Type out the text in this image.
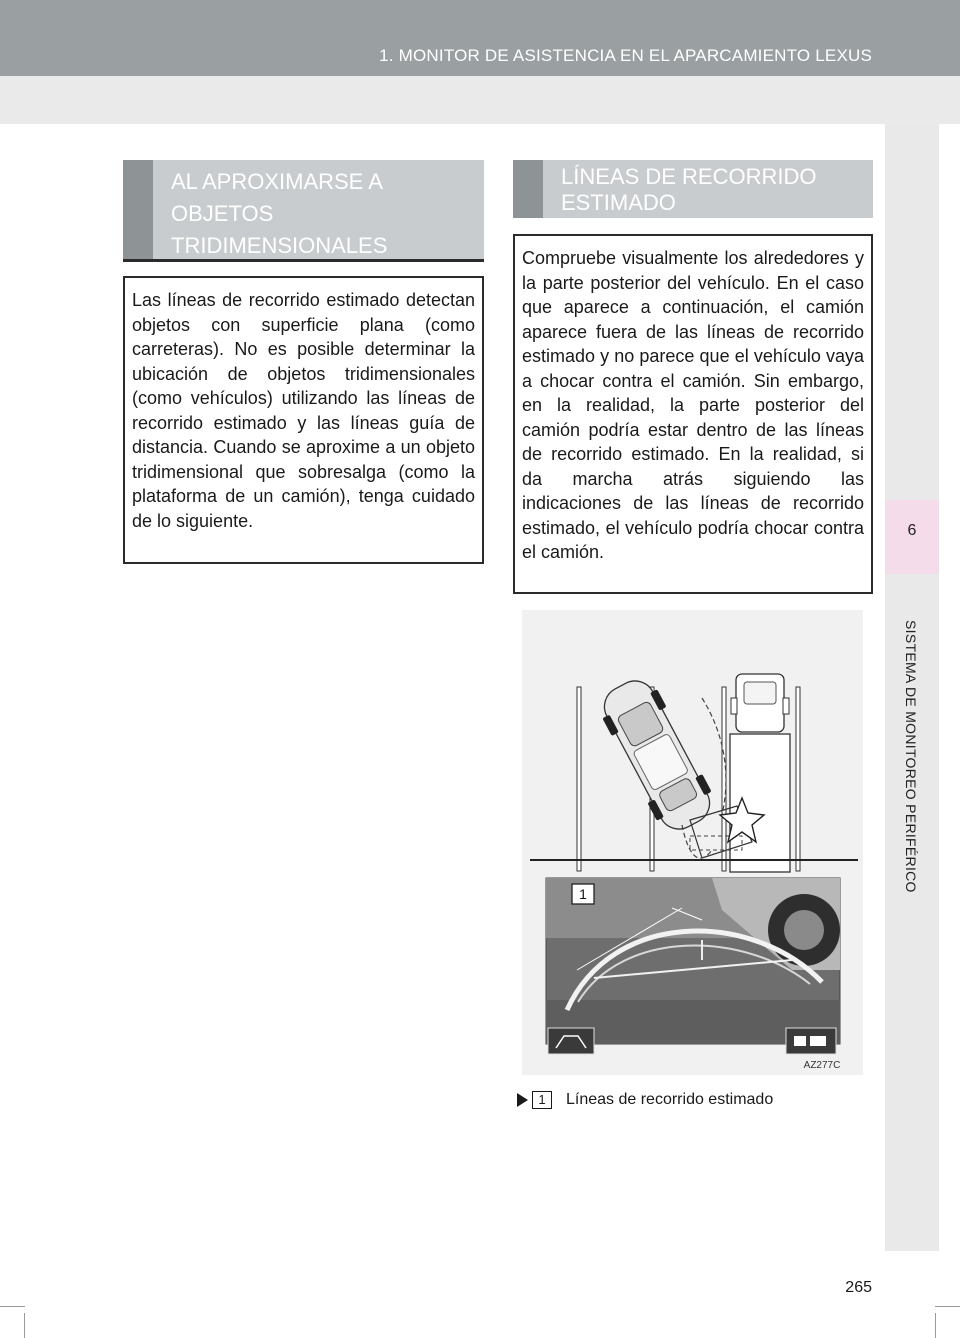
1. MONITOR DE ASISTENCIA EN EL APARCAMIENTO LEXUS
6
SISTEMA DE MONITOREO PERIFÉRICO
AL APROXIMARSE A OBJETOS TRIDIMENSIONALES
Las líneas de recorrido estimado detectan objetos con superficie plana (como carreteras). No es posible determinar la ubicación de objetos tridimensionales (como vehículos) utilizando las líneas de recorrido estimado y las líneas guía de distancia. Cuando se aproxime a un objeto tridimensional que sobresalga (como la plataforma de un camión), tenga cuidado de lo siguiente.
LÍNEAS DE RECORRIDO ESTIMADO
Compruebe visualmente los alrededores y la parte posterior del vehículo. En el caso que aparece a continuación, el camión aparece fuera de las líneas de recorrido estimado y no parece que el vehículo vaya a chocar contra el camión. Sin embargo, en la realidad, la parte posterior del camión podría estar dentro de las líneas de recorrido estimado. En la realidad, si da marcha atrás siguiendo las indicaciones de las líneas de recorrido estimado, el vehículo podría chocar contra el camión.
1
AZ277C
1	Líneas de recorrido estimado
265
